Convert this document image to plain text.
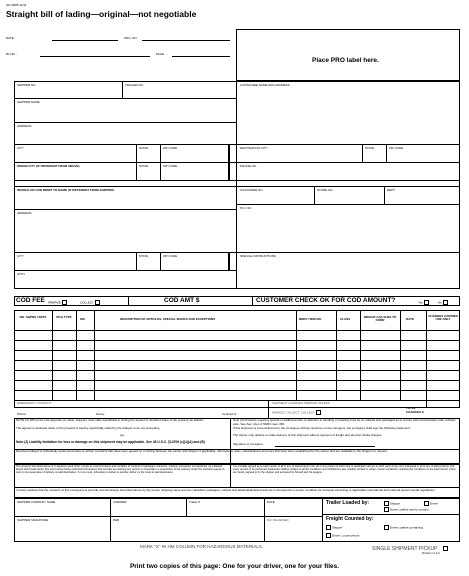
GP-26FB 11/11
Straight bill of lading—original—not negotiable
DATE:	PRO. NO.
BL NO.:	PAGE
Place PRO label here.
SHIPPER NO.	TRAILER NO.
SHIPPER NAME
ADDRESS
CITY	STATE	ZIP CODE
ORIGIN CITY (IF DIFFERENT FROM ABOVE)	STATE	ZIP CODE
CONSIGNEE NAME AND ADDRESS
DESTINATION CITY	STATE	ZIP CODE
PHONE NO.
INVOICE OR COD REMIT TO NAME (IF DIFFERENT FROM SHIPPER)
ADDRESS
CITY	STATE	ZIP CODE
ATTN
CUSTOMER NO.	STORE NO.	DEPT.
P.O. NO.
SPECIAL INSTRUCTIONS
COD FEE PREPAID	COLLECT	COD AMT $	CUSTOMER CHECK OK FOR COD AMOUNT?	Yes	No
NO. SHPNG UNITS	PKG TYPE	HM	DESCRIPTION OF ARTICLES, SPECIAL MARKS AND EXCEPTIONS	NMFC ITEM NO.	CLASS	WEIGHT (LB) SUBJ TO CORR	RATE
CHARGES CARRIER USE ONLY
EMERGENCY CONTACT
Phone:	Name:	Contract #:
SHIPMENT CHARGES PREPAID UNLESS
MARKED COLLECT: COLLECT
TOTAL
CHARGES $
NOTE (1) Where the rate depends on value, shippers must state specifically in writing the agreed or declared value of the property as follows:
The agreed or declared value of the property is hereby specifically stated by the shipper to be not exceeding
per
Note (2) Liability limitation for loss or damage on this shipment may be applicable. See 49 U.S.C. §14706 (c)(1)(A) and (B)
Note (3) Products requiring special or additional care or attention in handling or stowing must be so marked and packaged as to ensure safe transportation with ordinary care. See Sec. 2(e) of NMFC item 360.
If this shipment is to be delivered to the consignee without recourse on the consignor, the consignor shall sign the following statement:
The carrier may decline to make delivery of this shipment without payment of freight and all other lawful charges.
Signature of consignor
Received subject to individually determined rates or written contracts that have been agreed on in writing between the carrier and shipper, if applicable, otherwise to rates, classifications and rules that have been established by the carrier and are available to the shipper on request.
The property described above is in apparent good order, except as noted (contents and condition of contents of packages unknown), marked, consigned, and destined, as indicated above which said carrier (the word carrier being understood throughout this contract as meaning any person or corporation in possession of the property under the contract) agrees to carry to its usual place of delivery at said destination, if on its route, otherwise to deliver to another carrier on the route to said destination.
It is mutually agreed as to each carrier of all or any of said property over all or any portion of said route to destination and as to each party at any time interested in all or any of said property, that every service to be performed hereunder shall be subject to all the conditions not prohibited by law, whether printed or written, herein contained, including the conditions on the back hereof, which are hereby agreed to by the shipper and accepted for himself and his assigns.
I hereby declare that the contents of this consignment are fully and accurately described above by the proper shipping name and are classified, packaged, marked and labeled/placarded and are in all respects in proper condition for transport according to applicable international and national governmental regulations.
SHIPPER COMPANY NAME	CARRIER	Trailer #	DATE
SHIPPER SIGNATURE	PER	NO. RECEIVED
Trailer Loaded by:	Shipper	Driver
Driver: pallets said to contain
Freight Counted by:
Shipper	Driver: pallets containing
Driver: Loose pieces
MARK "X" IN HM COLUMN FOR HAZARDOUS MATERIALS.	SINGLE SHIPMENT PICKUP
Printed in U.S.A.
Print two copies of this page: One for your driver, one for your files.
